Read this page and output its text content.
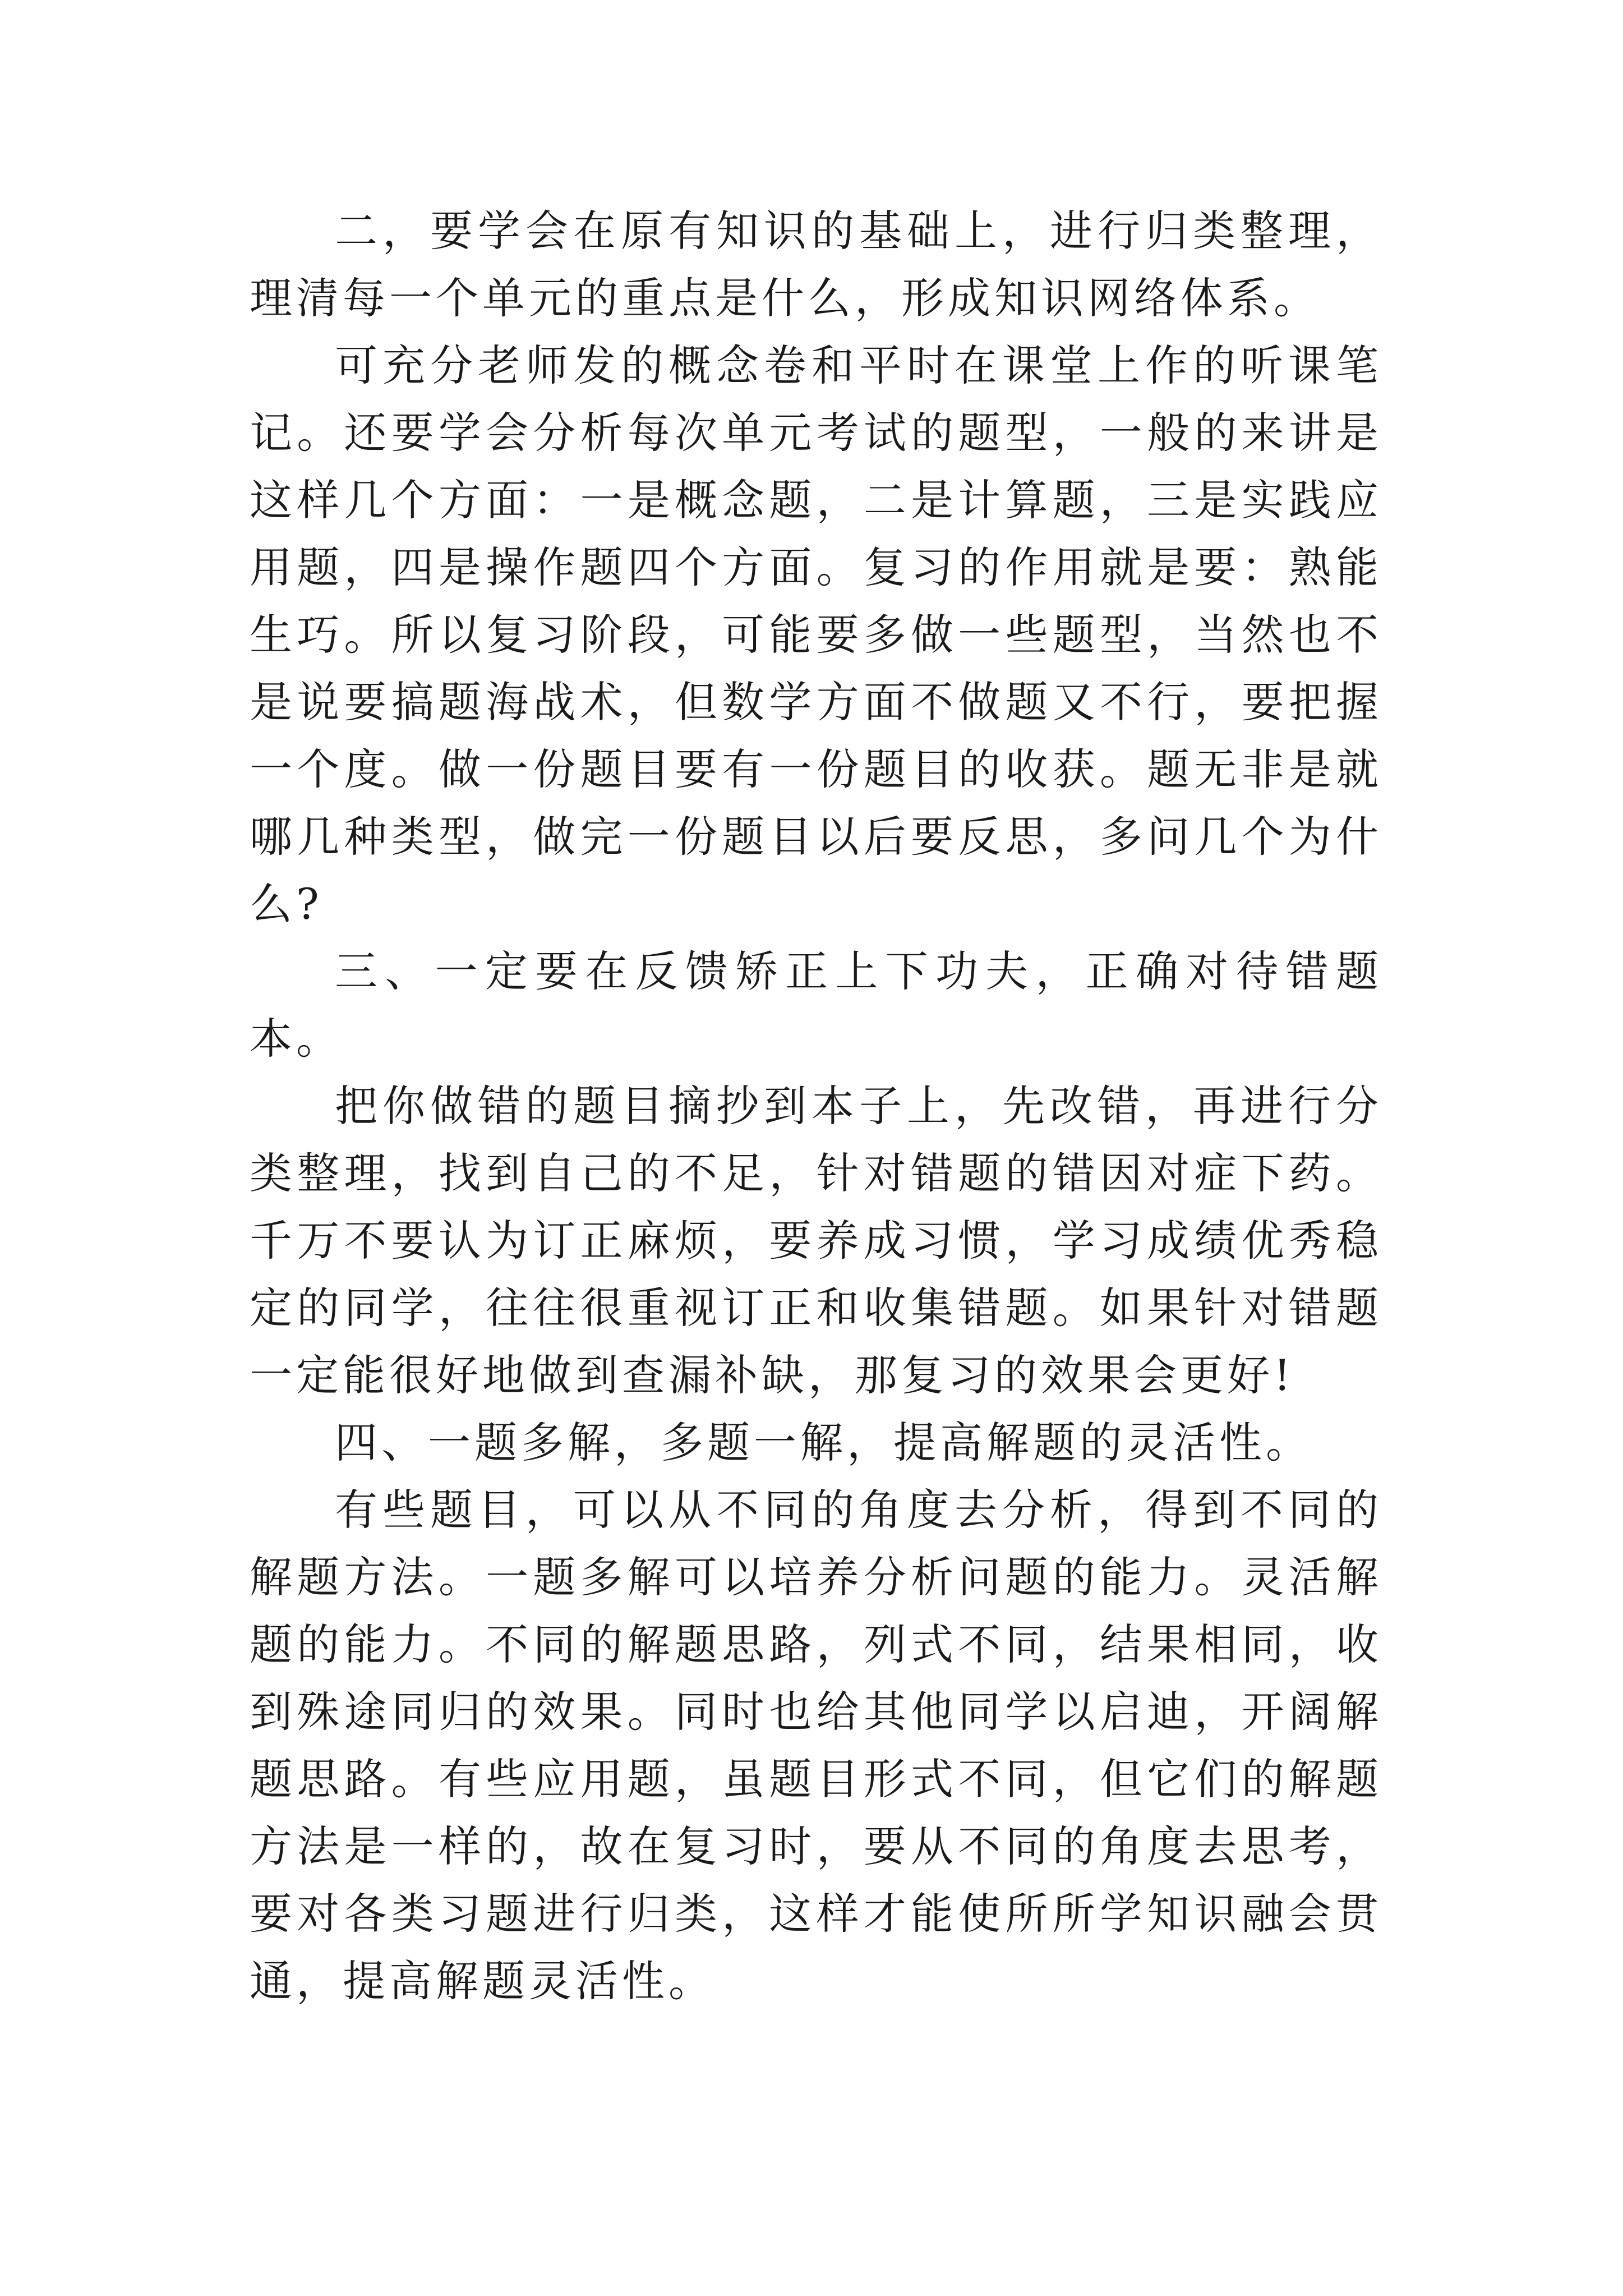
二，要学会在原有知识的基础上，进行归类整理，理清每一个单元的重点是什么，形成知识网络体系。

可充分老师发的概念卷和平时在课堂上作的听课笔记。还要学会分析每次单元考试的题型，一般的来讲是这样几个方面：一是概念题，二是计算题，三是实践应用题，四是操作题四个方面。复习的作用就是要：熟能生巧。所以复习阶段，可能要多做一些题型，当然也不是说要搞题海战术，但数学方面不做题又不行，要把握一个度。做一份题目要有一份题目的收获。题无非是就哪几种类型，做完一份题目以后要反思，多问几个为什么?

三、一定要在反馈矫正上下功夫，正确对待错题本。

把你做错的题目摘抄到本子上，先改错，再进行分类整理，找到自己的不足，针对错题的错因对症下药。千万不要认为订正麻烦，要养成习惯，学习成绩优秀稳定的同学，往往很重视订正和收集错题。如果针对错题一定能很好地做到查漏补缺，那复习的效果会更好!

四、一题多解，多题一解，提高解题的灵活性。

有些题目，可以从不同的角度去分析，得到不同的解题方法。一题多解可以培养分析问题的能力。灵活解题的能力。不同的解题思路，列式不同，结果相同，收到殊途同归的效果。同时也给其他同学以启迪，开阔解题思路。有些应用题，虽题目形式不同，但它们的解题方法是一样的，故在复习时，要从不同的角度去思考，要对各类习题进行归类，这样才能使所所学知识融会贯通，提高解题灵活性。
